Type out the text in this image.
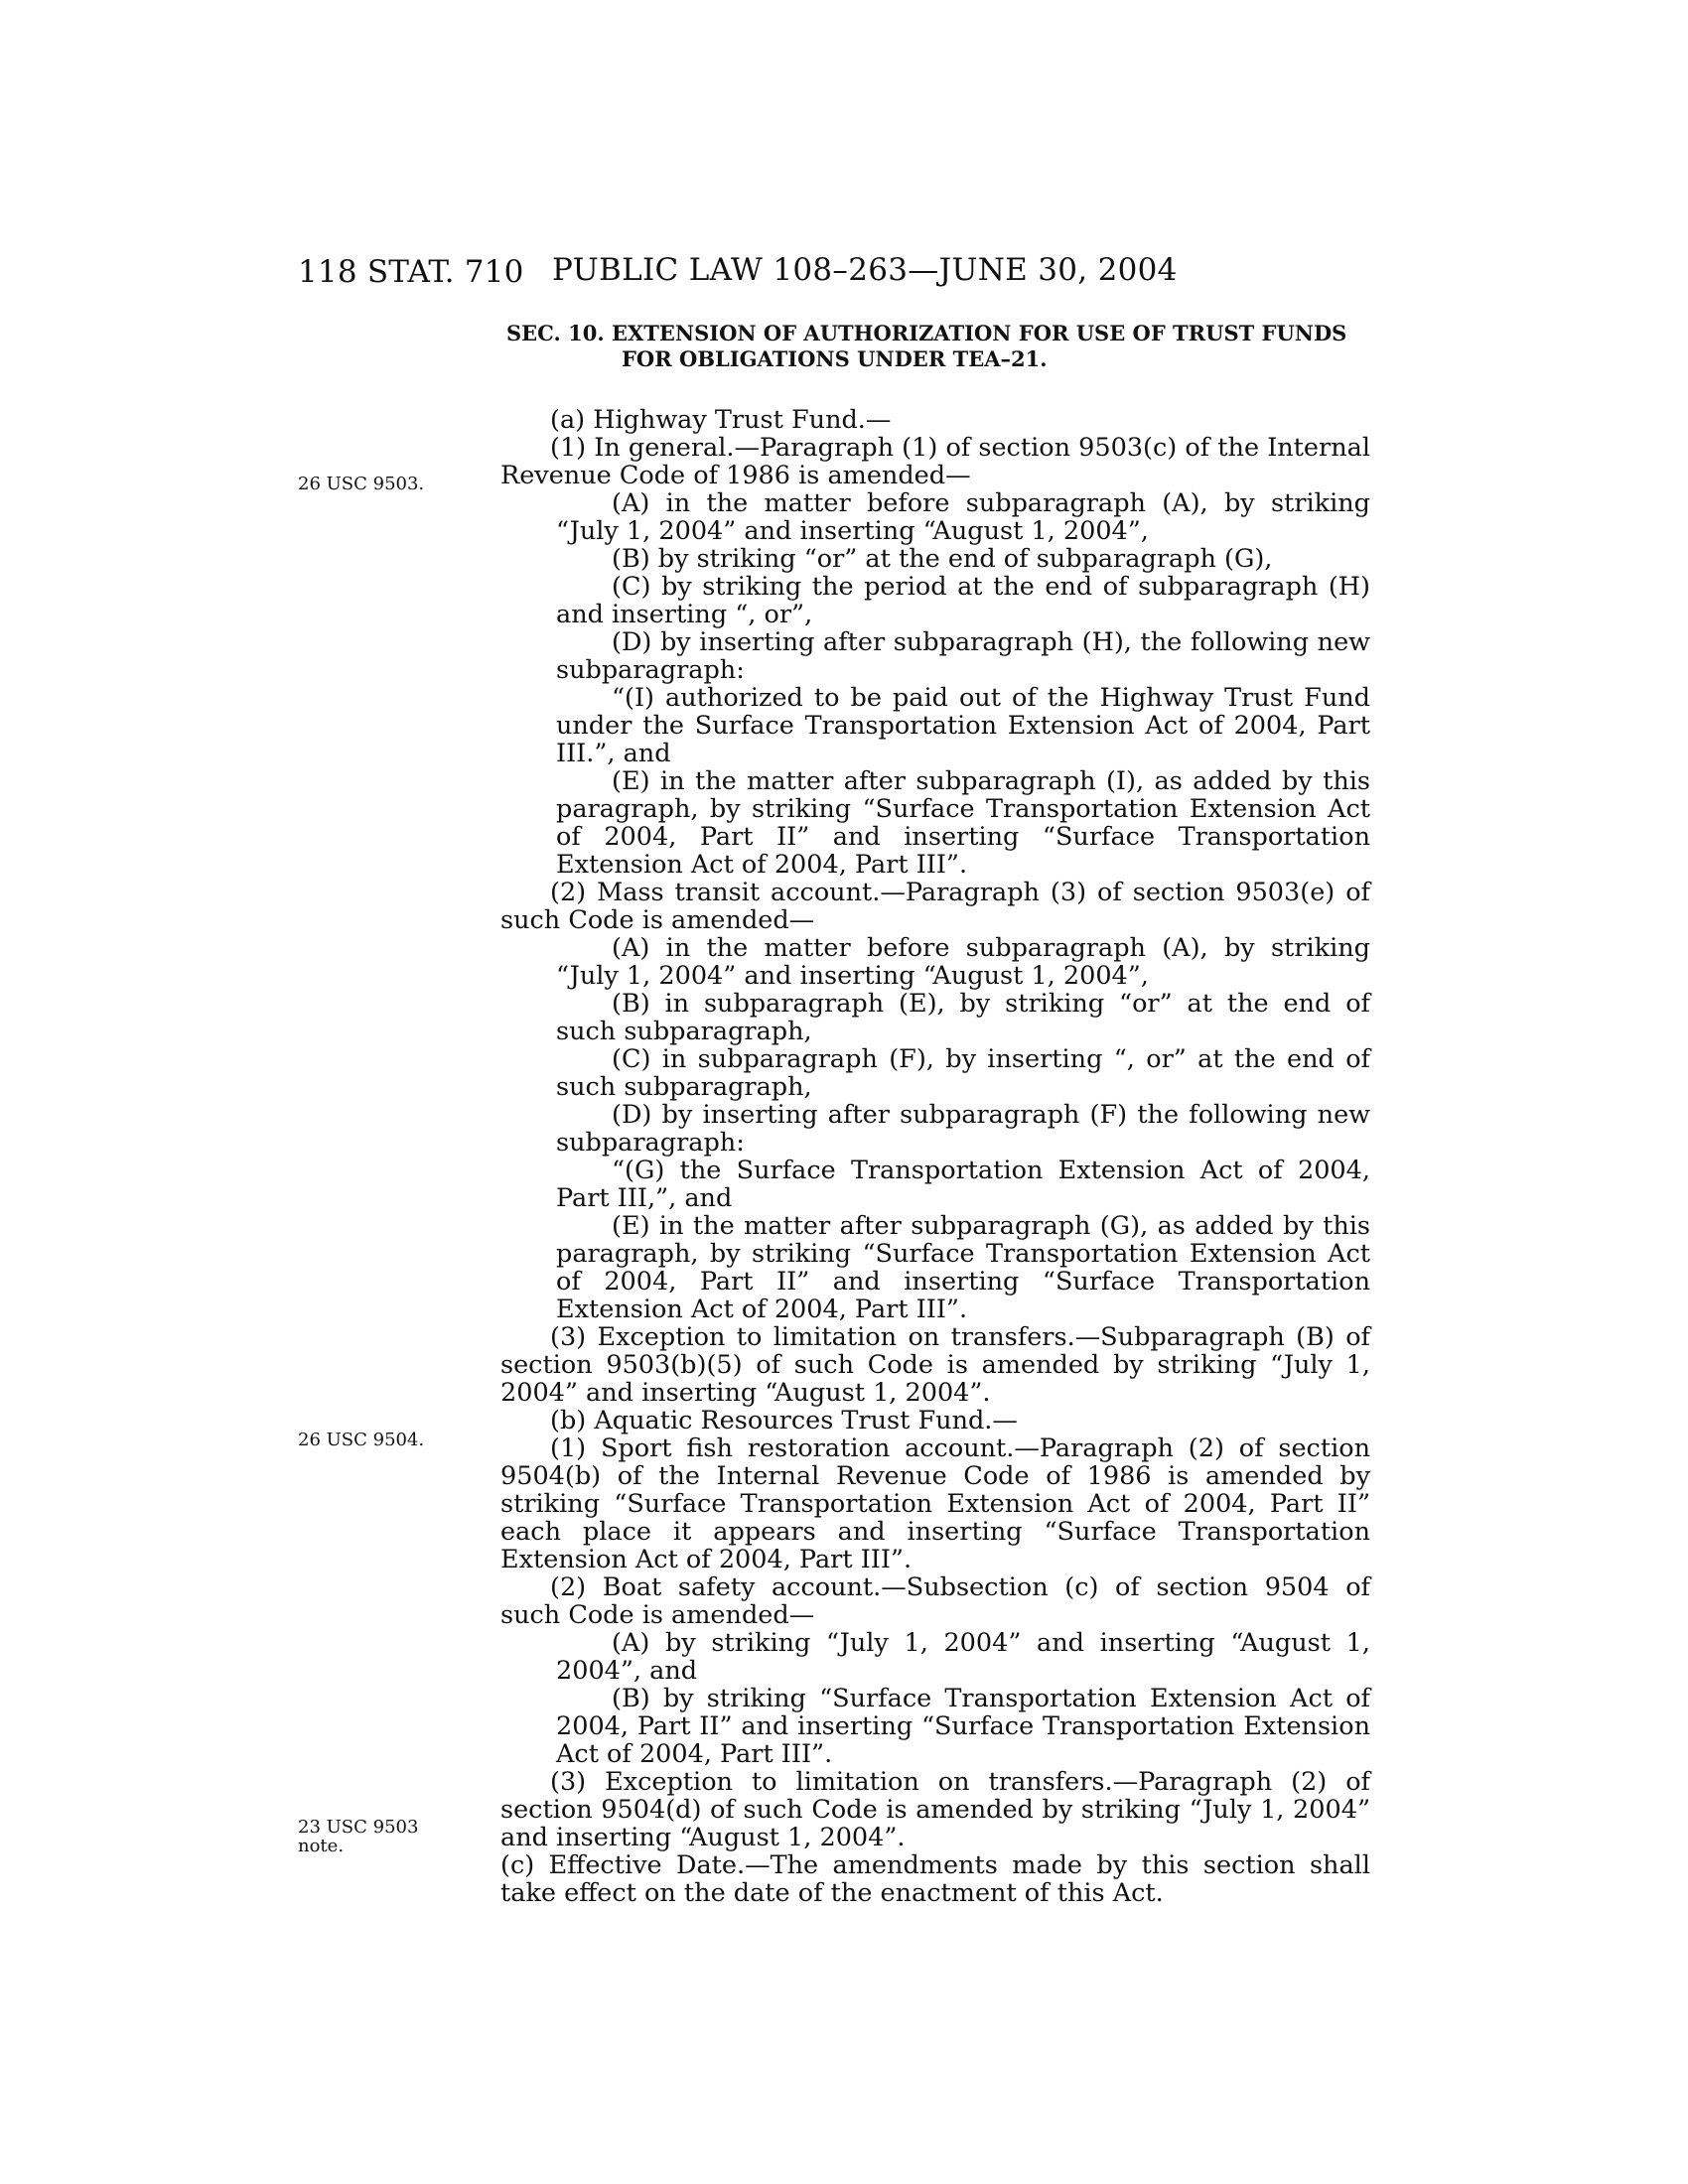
118 STAT. 710 PUBLIC LAW 108–263—JUNE 30, 2004
SEC. 10. EXTENSION OF AUTHORIZATION FOR USE OF TRUST FUNDS
FOR OBLIGATIONS UNDER TEA–21.
26 USC 9503.
26 USC 9504.
23 USC 9503
note.

(a) Highway Trust Fund.—

(1) In general.—Paragraph (1) of section 9503(c) of the Internal Revenue Code of 1986 is amended—

(A) in the matter before subparagraph (A), by striking “July 1, 2004” and inserting “August 1, 2004”,

(B) by striking “or” at the end of subparagraph (G),

(C) by striking the period at the end of subparagraph (H) and inserting “, or”,

(D) by inserting after subparagraph (H), the following new subparagraph:

“(I) authorized to be paid out of the Highway Trust Fund under the Surface Transportation Extension Act of 2004, Part III.”, and

(E) in the matter after subparagraph (I), as added by this paragraph, by striking “Surface Transportation Extension Act of 2004, Part II” and inserting “Surface Transportation Extension Act of 2004, Part III”.

(2) Mass transit account.—Paragraph (3) of section 9503(e) of such Code is amended—

(A) in the matter before subparagraph (A), by striking “July 1, 2004” and inserting “August 1, 2004”,

(B) in subparagraph (E), by striking “or” at the end of such subparagraph,

(C) in subparagraph (F), by inserting “, or” at the end of such subparagraph,

(D) by inserting after subparagraph (F) the following new subparagraph:

“(G) the Surface Transportation Extension Act of 2004, Part III,”, and

(E) in the matter after subparagraph (G), as added by this paragraph, by striking “Surface Transportation Extension Act of 2004, Part II” and inserting “Surface Transportation Extension Act of 2004, Part III”.

(3) Exception to limitation on transfers.—Subparagraph (B) of section 9503(b)(5) of such Code is amended by striking “July 1, 2004” and inserting “August 1, 2004”.

(b) Aquatic Resources Trust Fund.—

(1) Sport fish restoration account.—Paragraph (2) of section 9504(b) of the Internal Revenue Code of 1986 is amended by striking “Surface Transportation Extension Act of 2004, Part II” each place it appears and inserting “Surface Transportation Extension Act of 2004, Part III”.

(2) Boat safety account.—Subsection (c) of section 9504 of such Code is amended—

(A) by striking “July 1, 2004” and inserting “August 1, 2004”, and

(B) by striking “Surface Transportation Extension Act of 2004, Part II” and inserting “Surface Transportation Extension Act of 2004, Part III”.

(3) Exception to limitation on transfers.—Paragraph (2) of section 9504(d) of such Code is amended by striking “July 1, 2004” and inserting “August 1, 2004”.

(c) Effective Date.—The amendments made by this section shall take effect on the date of the enactment of this Act.
